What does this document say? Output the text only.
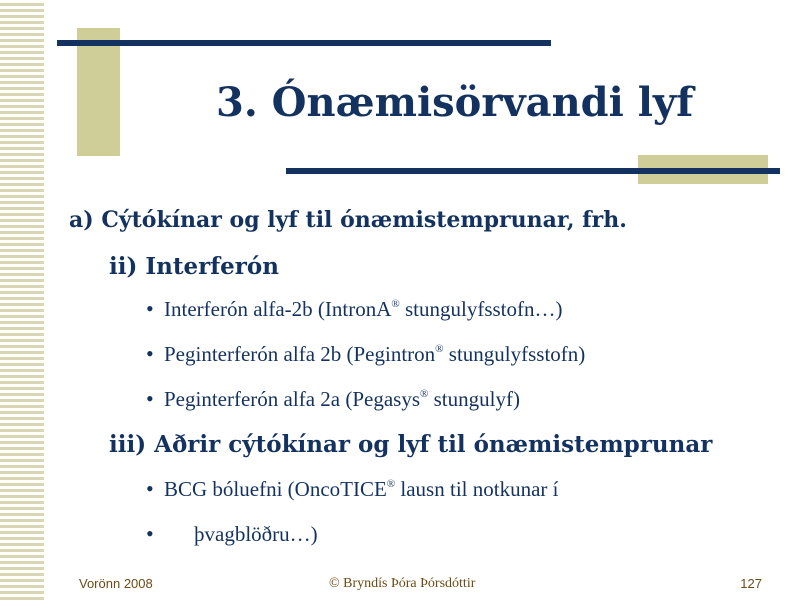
3. Ónæmisörvandi lyf
a) Cýtókínar og lyf til ónæmistemprunar, frh.
ii) Interferón
• Interferón alfa-2b (IntronA® stungulyfsstofn…)
• Peginterferón alfa 2b (Pegintron® stungulyfsstofn)
• Peginterferón alfa 2a (Pegasys® stungulyf)
iii) Aðrir cýtókínar og lyf til ónæmistemprunar
• BCG bóluefni (OncoTICE® lausn til notkunar í
• þvagblöðru…)
Vorönn 2008	© Bryndís Þóra Þórsdóttir	127
